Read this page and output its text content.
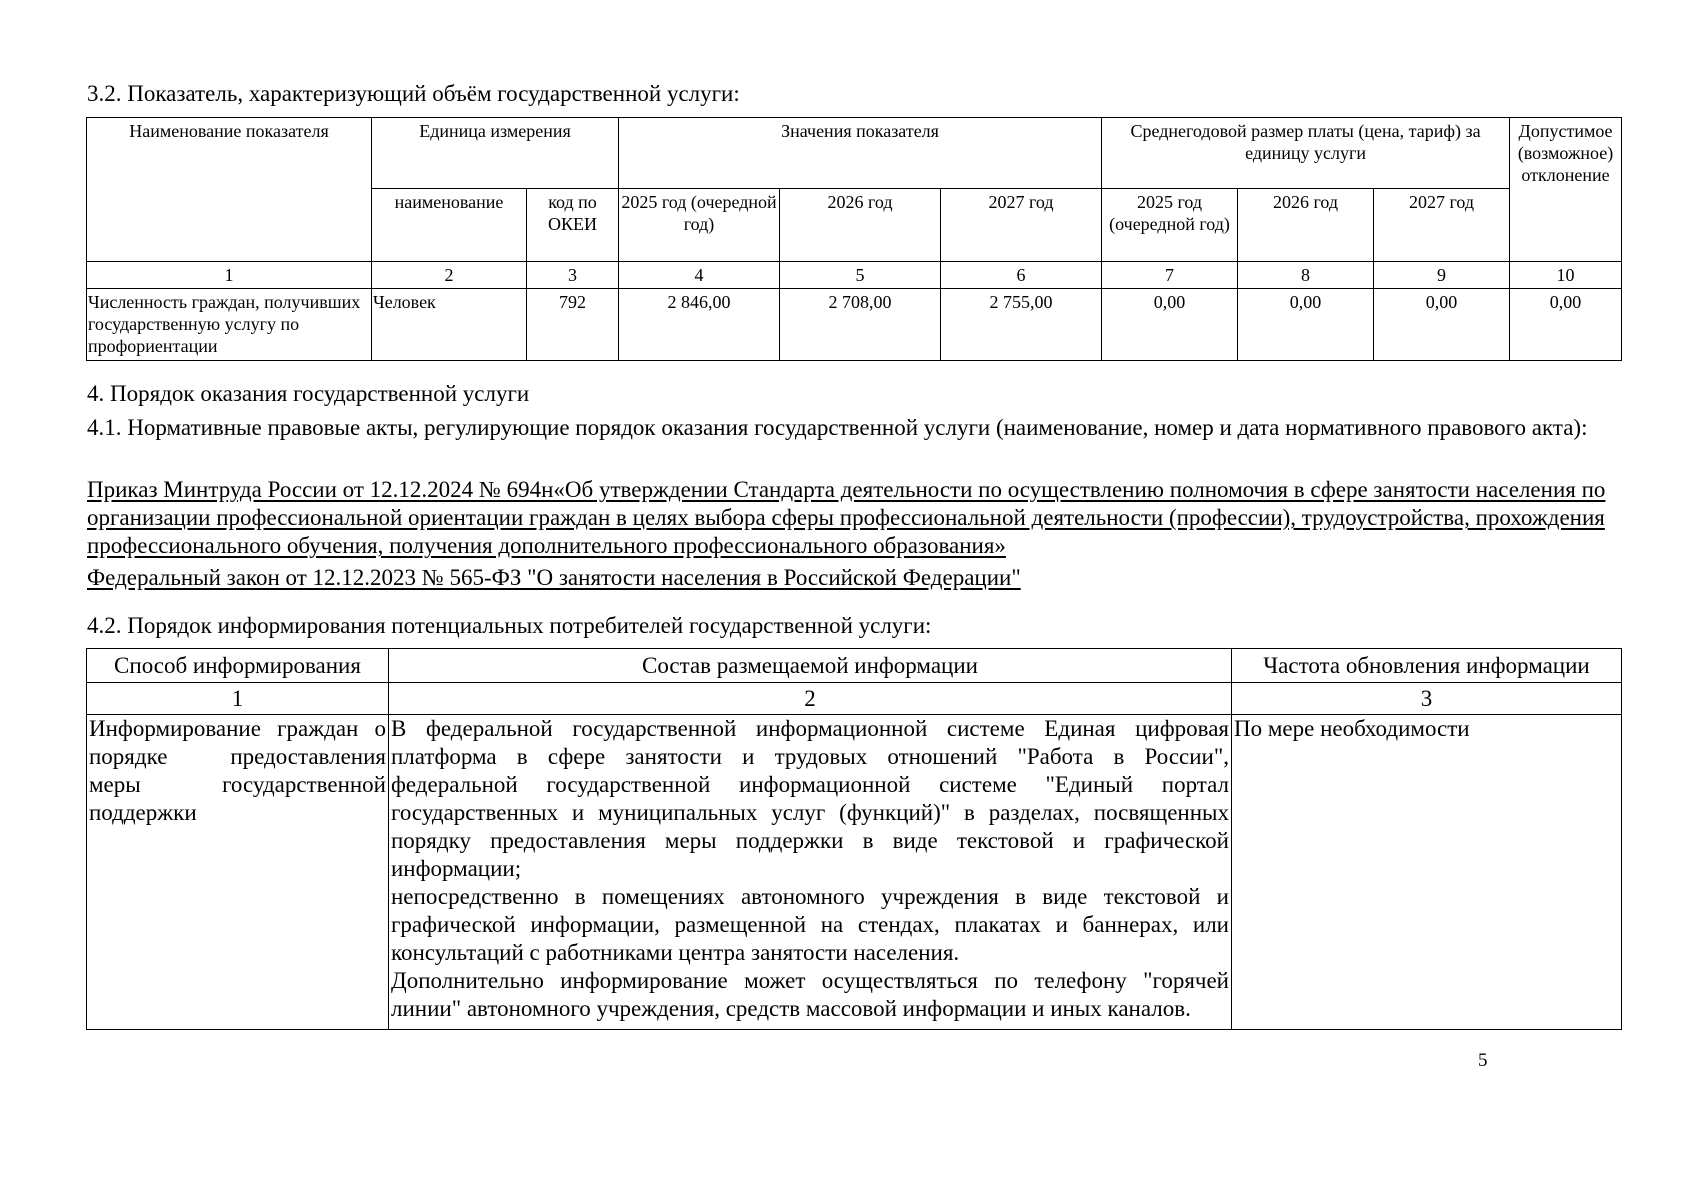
3.2. Показатель, характеризующий объём государственной услуги:
Наименование показателя	Единица измерения		Значения показателя			Среднегодовой размер платы (цена, тариф) за единицу услуги			Допустимое (возможное) отклонение
	наименование	код по ОКЕИ	2025 год (очередной год)	2026 год	2027 год	2025 год (очередной год)	2026 год	2027 год	
1	2	3	4	5	6	7	8	9	10
Численность граждан, получивших государственную услугу по профориентации	Человек	792	2 846,00	2 708,00	2 755,00	0,00	0,00	0,00	0,00
4. Порядок оказания государственной услуги
4.1. Нормативные правовые акты, регулирующие порядок оказания государственной услуги (наименование, номер и дата нормативного правового акта):
Приказ Минтруда России от 12.12.2024 № 694н«Об утверждении Стандарта деятельности по осуществлению полномочия в сфере занятости населения по организации профессиональной ориентации граждан в целях выбора сферы профессиональной деятельности (профессии), трудоустройства, прохождения профессионального обучения, получения дополнительного профессионального образования»
Федеральный закон от 12.12.2023 № 565-ФЗ "О занятости населения в Российской Федерации"
4.2. Порядок информирования потенциальных потребителей государственной услуги:
Способ информирования	Состав размещаемой информации	Частота обновления информации
1	2	3

Информирование граждан о порядке предоставления меры государственной поддержки	В федеральной государственной информационной системе Единая цифровая платформа в сфере занятости и трудовых отношений "Работа в России", федеральной государственной информационной системе "Единый портал государственных и муниципальных услуг (функций)" в разделах, посвященных порядку предоставления меры поддержки в виде текстовой и графической информации;

непосредственно в помещениях автономного учреждения в виде текстовой и графической информации, размещенной на стендах, плакатах и баннерах, или консультаций с работниками центра занятости населения.

Дополнительно информирование может осуществляться по телефону "горячей линии" автономного учреждения, средств массовой информации и иных каналов.	По мере необходимости
5
